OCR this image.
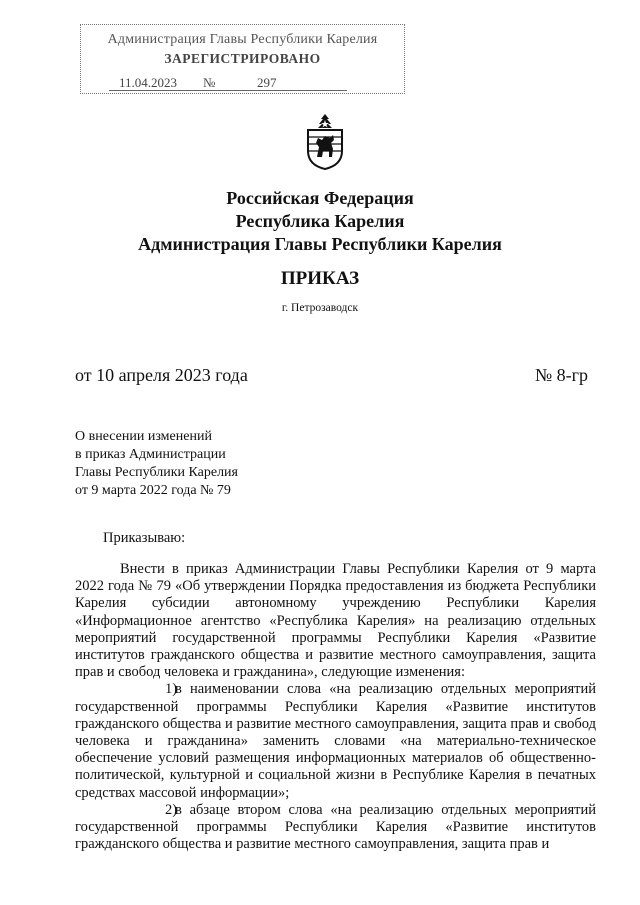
Администрация Главы Республики Карелия
ЗАРЕГИСТРИРОВАНО
11.04.2023 №	297
Российская Федерация
Республика Карелия
Администрация Главы Республики Карелия
ПРИКАЗ
г. Петрозаводск
от 10 апреля 2023 года	№ 8-гр
О внесении изменений
в приказ Администрации
Главы Республики Карелия
от 9 марта 2022 года № 79
Приказываю:

Внести в приказ Администрации Главы Республики Карелия от 9 марта 2022 года № 79 «Об утверждении Порядка предоставления из бюджета Республики Карелия субсидии автономному учреждению Республики Карелия «Информационное агентство «Республика Карелия» на реализацию отдельных мероприятий государственной программы Республики Карелия «Развитие институтов гражданского общества и развитие местного самоуправления, защита прав и свобод человека и гражданина», следующие изменения:

1)в наименовании слова «на реализацию отдельных мероприятий государственной программы Республики Карелия «Развитие институтов гражданского общества и развитие местного самоуправления, защита прав и свобод человека и гражданина» заменить словами «на материально-техническое обеспечение условий размещения информационных материалов об общественно-политической, культурной и социальной жизни в Республике Карелия в печатных средствах массовой информации»;

2)в абзаце втором слова «на реализацию отдельных мероприятий государственной программы Республики Карелия «Развитие институтов гражданского общества и развитие местного самоуправления, защита прав и
